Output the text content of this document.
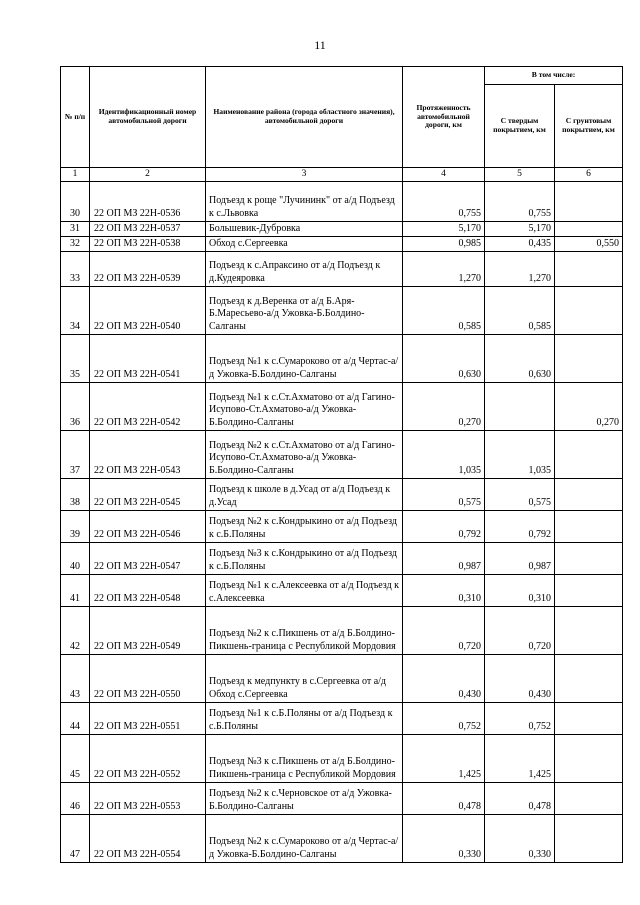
11
№ п/п	Идентификационный номер автомобильной дороги	Наименование района (города областного значения), автомобильной дороги	Протяженность автомобильной дороги, км	В том числе:	
				С твердым покрытием, км	С грунтовым покрытием, км
1	2	3	4	5	6
30	22 ОП МЗ 22Н-0536	Подъезд к роще "Лучининк" от а/д Подъезд к с.Львовка	0,755	0,755	
31	22 ОП МЗ 22Н-0537	Большевик-Дубровка	5,170	5,170	
32	22 ОП МЗ 22Н-0538	Обход с.Сергеевка	0,985	0,435	0,550
33	22 ОП МЗ 22Н-0539	Подъезд к с.Апраксино от а/д Подъезд к д.Кудеяровка	1,270	1,270	
34	22 ОП МЗ 22Н-0540	Подъезд к д.Веренка от а/д Б.Аря-Б.Маресьево-а/д Ужовка-Б.Болдино-Салганы	0,585	0,585	
35	22 ОП МЗ 22Н-0541	Подъезд №1 к с.Сумароково от а/д Чертас-а/д Ужовка-Б.Болдино-Салганы	0,630	0,630	
36	22 ОП МЗ 22Н-0542	Подъезд №1 к с.Ст.Ахматово от а/д Гагино-Исупово-Ст.Ахматово-а/д Ужовка-Б.Болдино-Салганы	0,270		0,270
37	22 ОП МЗ 22Н-0543	Подъезд №2 к с.Ст.Ахматово от а/д Гагино-Исупово-Ст.Ахматово-а/д Ужовка-Б.Болдино-Салганы	1,035	1,035	
38	22 ОП МЗ 22Н-0545	Подъезд к школе в д.Усад от а/д Подъезд к д.Усад	0,575	0,575	
39	22 ОП МЗ 22Н-0546	Подъезд №2 к с.Кондрыкино от а/д Подъезд к с.Б.Поляны	0,792	0,792	
40	22 ОП МЗ 22Н-0547	Подъезд №3 к с.Кондрыкино от а/д Подъезд к с.Б.Поляны	0,987	0,987	
41	22 ОП МЗ 22Н-0548	Подъезд №1 к с.Алексеевка от а/д Подъезд к с.Алексеевка	0,310	0,310	
42	22 ОП МЗ 22Н-0549	Подъезд №2 к с.Пикшень от а/д Б.Болдино-Пикшень-граница с Республикой Мордовия	0,720	0,720	
43	22 ОП МЗ 22Н-0550	Подъезд к медпункту в с.Сергеевка от а/д Обход с.Сергеевка	0,430	0,430	
44	22 ОП МЗ 22Н-0551	Подъезд №1 к с.Б.Поляны от а/д Подъезд к с.Б.Поляны	0,752	0,752	
45	22 ОП МЗ 22Н-0552	Подъезд №3 к с.Пикшень от а/д Б.Болдино-Пикшень-граница с Республикой Мордовия	1,425	1,425	
46	22 ОП МЗ 22Н-0553	Подъезд №2 к с.Черновское от а/д Ужовка-Б.Болдино-Салганы	0,478	0,478	
47	22 ОП МЗ 22Н-0554	Подъезд №2 к с.Сумароково от а/д Чертас-а/д Ужовка-Б.Болдино-Салганы	0,330	0,330	
